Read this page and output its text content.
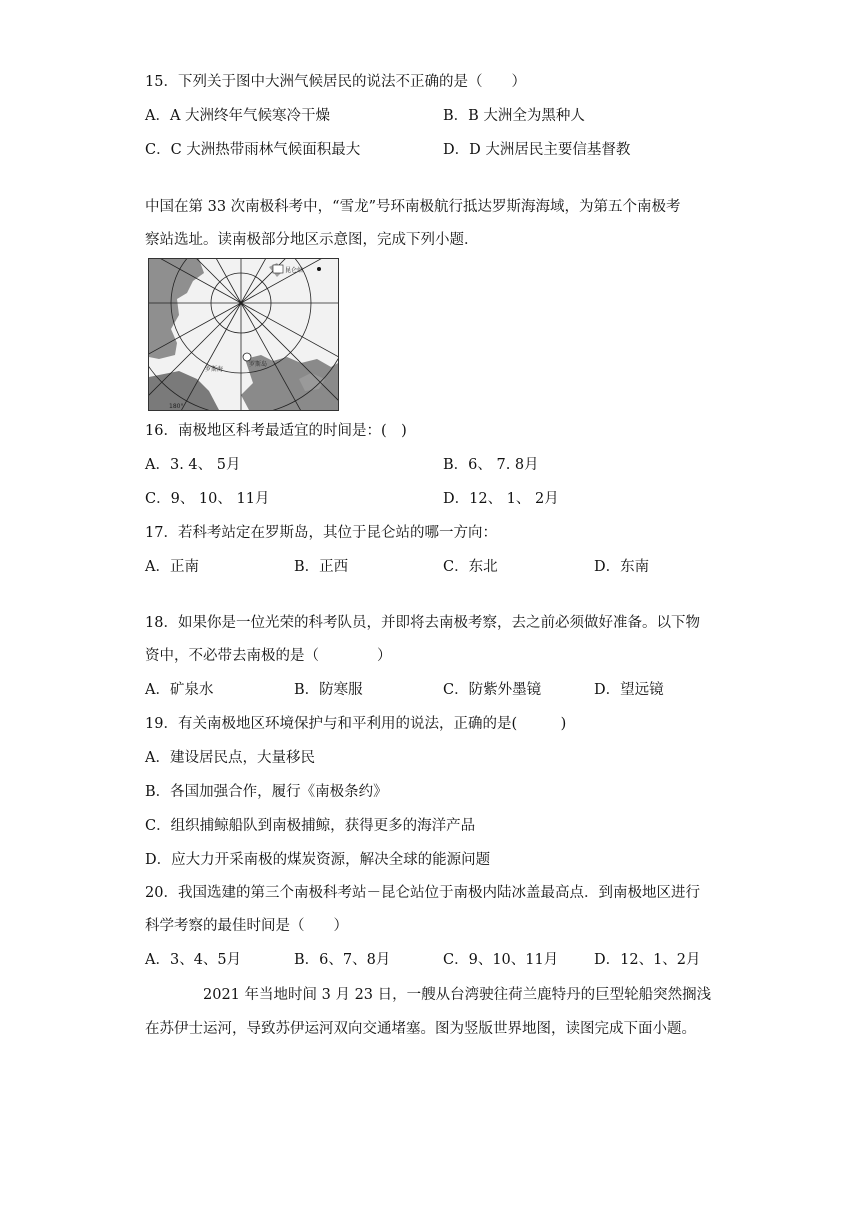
15．下列关于图中大洲气候居民的说法不正确的是（　　）
A．A 大洲终年气候寒冷干燥	B．B 大洲全为黑种人
C．C 大洲热带雨林气候面积最大	D．D 大洲居民主要信基督教
中国在第 33 次南极科考中，“雪龙”号环南极航行抵达罗斯海海域，为第五个南极考
察站选址。读南极部分地区示意图，完成下列小题．
昆仑站
罗斯岛
罗斯海
180°
16．南极地区科考最适宜的时间是：(　)
A．3. 4、 5月	B．6、 7. 8月
C．9、 10、 11月	D．12、 1、 2月
17．若科考站定在罗斯岛，其位于昆仑站的哪一方向：
A．正南	B．正西	C．东北	D．东南
18．如果你是一位光荣的科考队员，并即将去南极考察，去之前必须做好准备。以下物
资中，不必带去南极的是（　　　　）
A．矿泉水	B．防寒服	C．防紫外墨镜	D．望远镜
19．有关南极地区环境保护与和平利用的说法，正确的是(　　　)
A．建设居民点，大量移民
B．各国加强合作，履行《南极条约》
C．组织捕鲸船队到南极捕鲸，获得更多的海洋产品
D．应大力开采南极的煤炭资源，解决全球的能源问题
20．我国选建的第三个南极科考站－昆仑站位于南极内陆冰盖最高点．到南极地区进行
科学考察的最佳时间是（　　）
A．3、4、5月	B．6、7、8月	C．9、10、11月 D．12、1、2月
2021 年当地时间 3 月 23 日，一艘从台湾驶往荷兰鹿特丹的巨型轮船突然搁浅
在苏伊士运河，导致苏伊运河双向交通堵塞。图为竖版世界地图，读图完成下面小题。
